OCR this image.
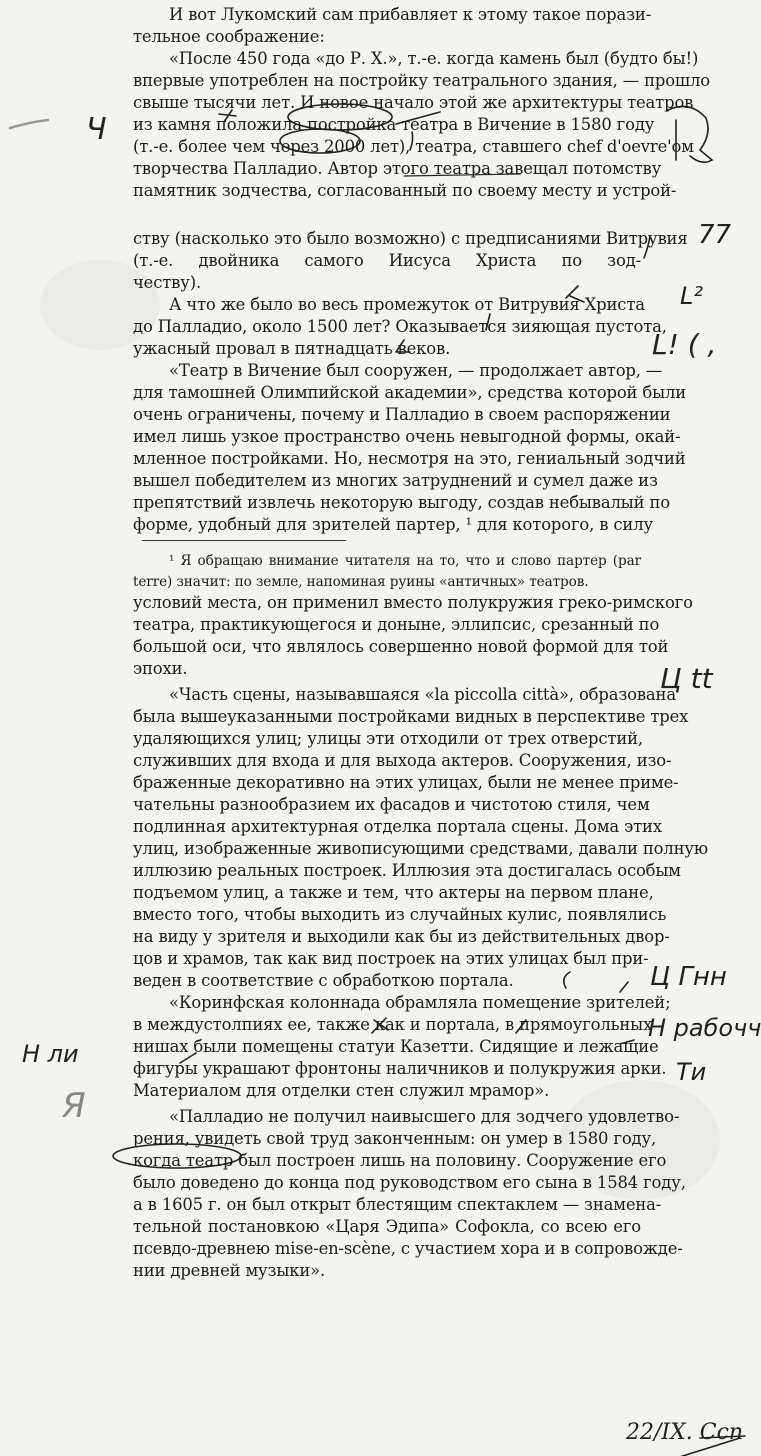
И вот Лукомский сам прибавляет к этому такое порази-
тельное соображение:
«После 450 года «до Р. Х.», т.-е. когда камень был (будто бы!)
впервые употреблен на постройку театрального здания, — прошло
свыше тысячи лет. И новое начало этой же архитектуры театров
из камня положила постройка театра в Вичение в 1580 году
(т.-е. более чем через 2000 лет), театра, ставшего chef d'oevre'ом
творчества Палладио. Автор этого театра завещал потомству
памятник зодчества, согласованный по своему месту и устрой-
ству (насколько это было возможно) с предписаниями Витрувия
(т.-е. двойника самого Иисуса Христа по зод-
честву).
А что же было во весь промежуток от Витрувия Христа
до Палладио, около 1500 лет? Оказывается зияющая пустота,
ужасный провал в пятнадцать веков.
«Театр в Вичение был сооружен, — продолжает автор, —
для тамошней Олимпийской академии», средства которой были
очень ограничены, почему и Палладио в своем распоряжении
имел лишь узкое пространство очень невыгодной формы, окай-
мленное постройками. Но, несмотря на это, гениальный зодчий
вышел победителем из многих затруднений и сумел даже из
препятствий извлечь некоторую выгоду, создав небывалый по
форме, удобный для зрителей партер, ¹ для которого, в силу
¹ Я обращаю внимание читателя на то, что и слово партер (par
terre) значит: по земле, напоминая руины «античных» театров.
условий места, он применил вместо полукружия греко-римского
театра, практикующегося и доныне, эллипсис, срезанный по
большой оси, что являлось совершенно новой формой для той
эпохи.
«Часть сцены, называвшаяся «la piccolla città», образована
была вышеуказанными постройками видных в перспективе трех
удаляющихся улиц; улицы эти отходили от трех отверстий,
служивших для входа и для выхода актеров. Сооружения, изо-
браженные декоративно на этих улицах, были не менее приме-
чательны разнообразием их фасадов и чистотою стиля, чем
подлинная архитектурная отделка портала сцены. Дома этих
улиц, изображенные живописующими средствами, давали полную
иллюзию реальных построек. Иллюзия эта достигалась особым
подъемом улиц, а также и тем, что актеры на первом плане,
вместо того, чтобы выходить из случайных кулис, появлялись
на виду у зрителя и выходили как бы из действительных двор-
цов и храмов, так как вид построек на этих улицах был при-
веден в соответствие с обработкою портала.
«Коринфская колоннада обрамляла помещение зрителей;
в междустолпиях ее, также как и портала, в прямоугольных
нишах были помещены статуи Казетти. Сидящие и лежащие
фигуры украшают фронтоны наличников и полукружия арки.
Материалом для отделки стен служил мрамор».
«Палладио не получил наивысшего для зодчего удовлетво-
рения, увидеть свой труд законченным: он умер в 1580 году,
когда театр был построен лишь на половину. Сооружение его
было доведено до конца под руководством его сына в 1584 году,
а в 1605 г. он был открыт блестящим спектаклем — знамена-
тельной постановкою «Царя Эдипа» Софокла, со всею его
псевдо-древнею mise-en-scène, с участием хора и в сопровожде-
нии древней музыки».
Ч
77
L²
L! ( ,
Ц tt
Ц Гнн
Н рабочч
Ти
Н ли
Я
22/IX. Ссп
